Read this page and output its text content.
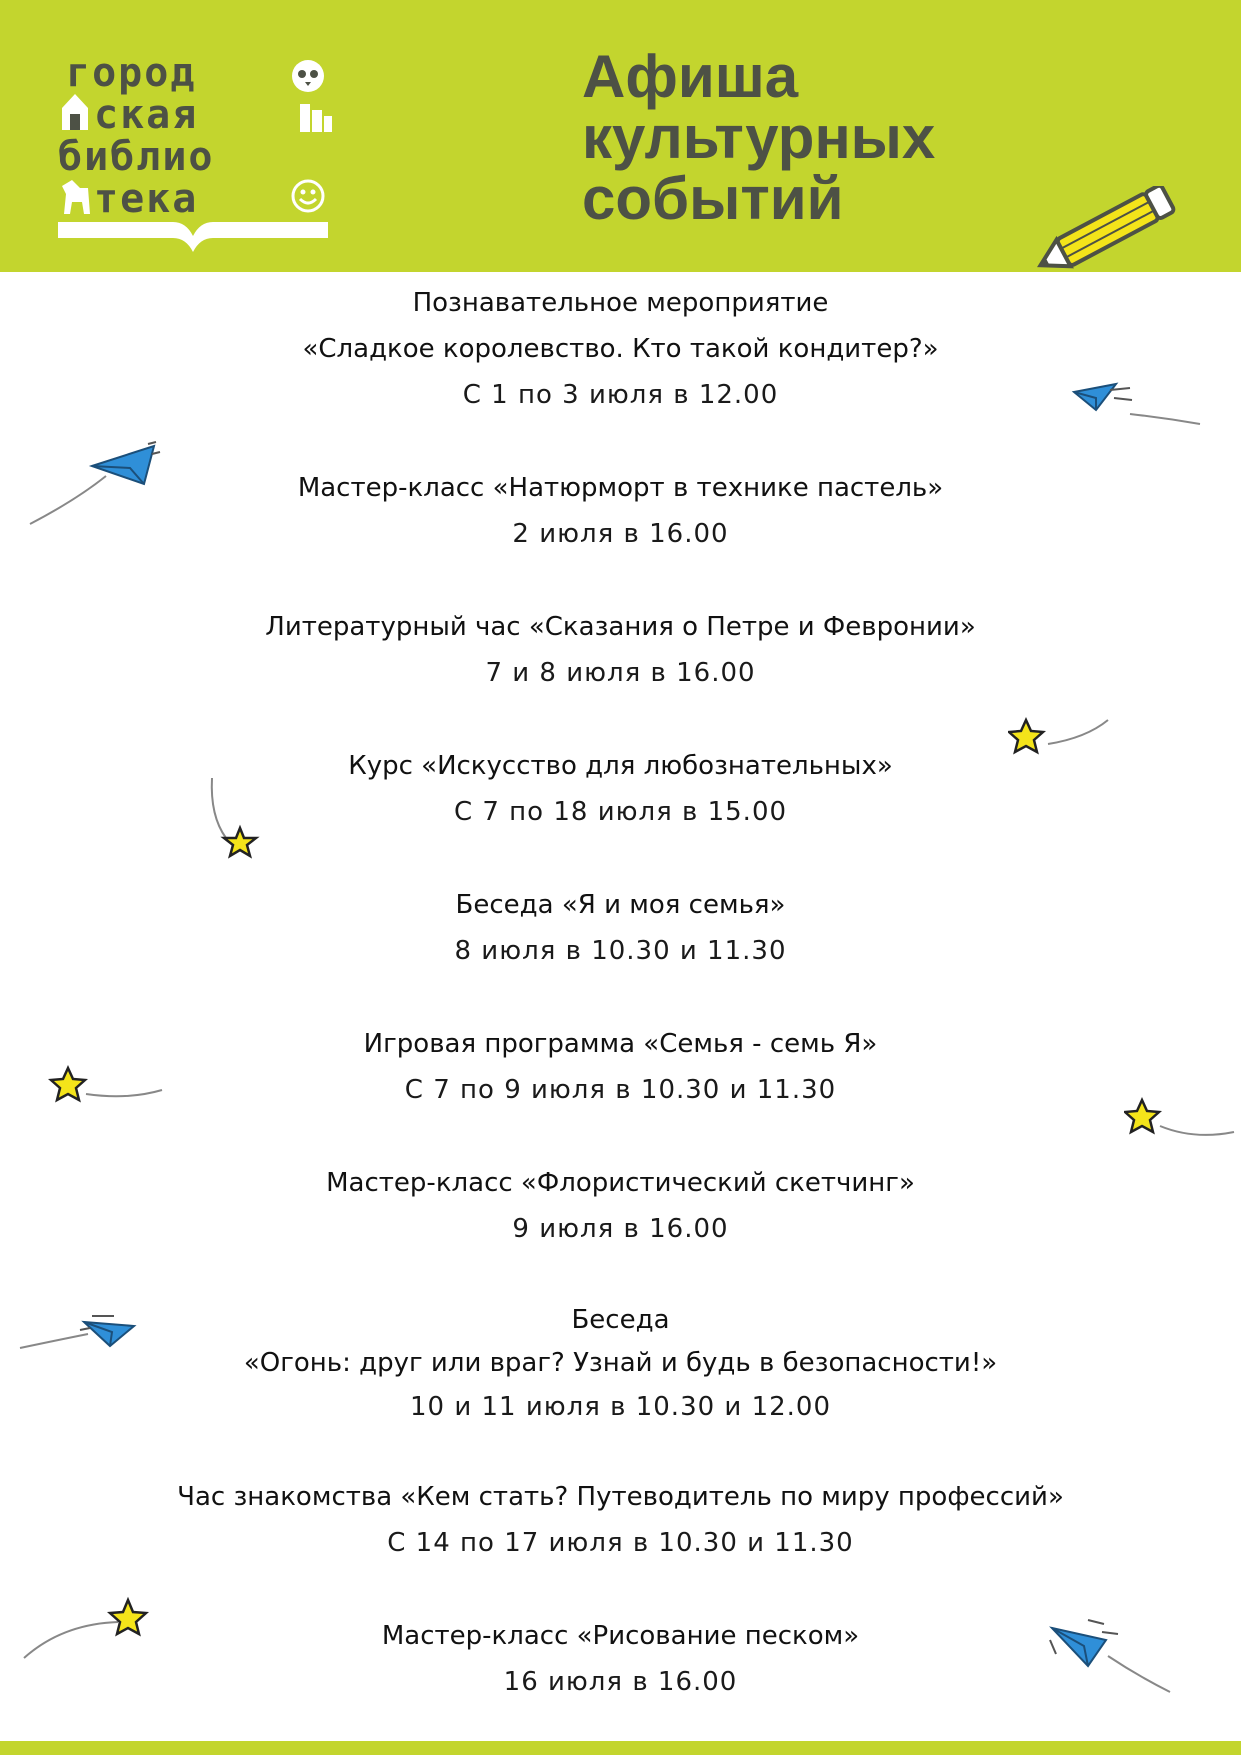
город
ская
библио
тека
Афиша
культурных
событий
Познавательное мероприятие
«Сладкое королевство. Кто такой кондитер?»
С 1 по 3 июля в 12.00
Мастер-класс «Натюрморт в технике пастель»
2 июля в 16.00
Литературный час «Сказания о Петре и Февронии»
7 и 8 июля в 16.00
Курс «Искусство для любознательных»
С 7 по 18 июля в 15.00
Беседа «Я и моя семья»
8 июля в 10.30 и 11.30
Игровая программа «Семья - семь Я»
С 7 по 9 июля в 10.30 и 11.30
Мастер-класс «Флористический скетчинг»
9 июля в 16.00
Беседа
«Огонь: друг или враг? Узнай и будь в безопасности!»
10 и 11 июля в 10.30 и 12.00
Час знакомства «Кем стать? Путеводитель по миру профессий»
С 14 по 17 июля в 10.30 и 11.30
Мастер-класс «Рисование песком»
16 июля в 16.00
